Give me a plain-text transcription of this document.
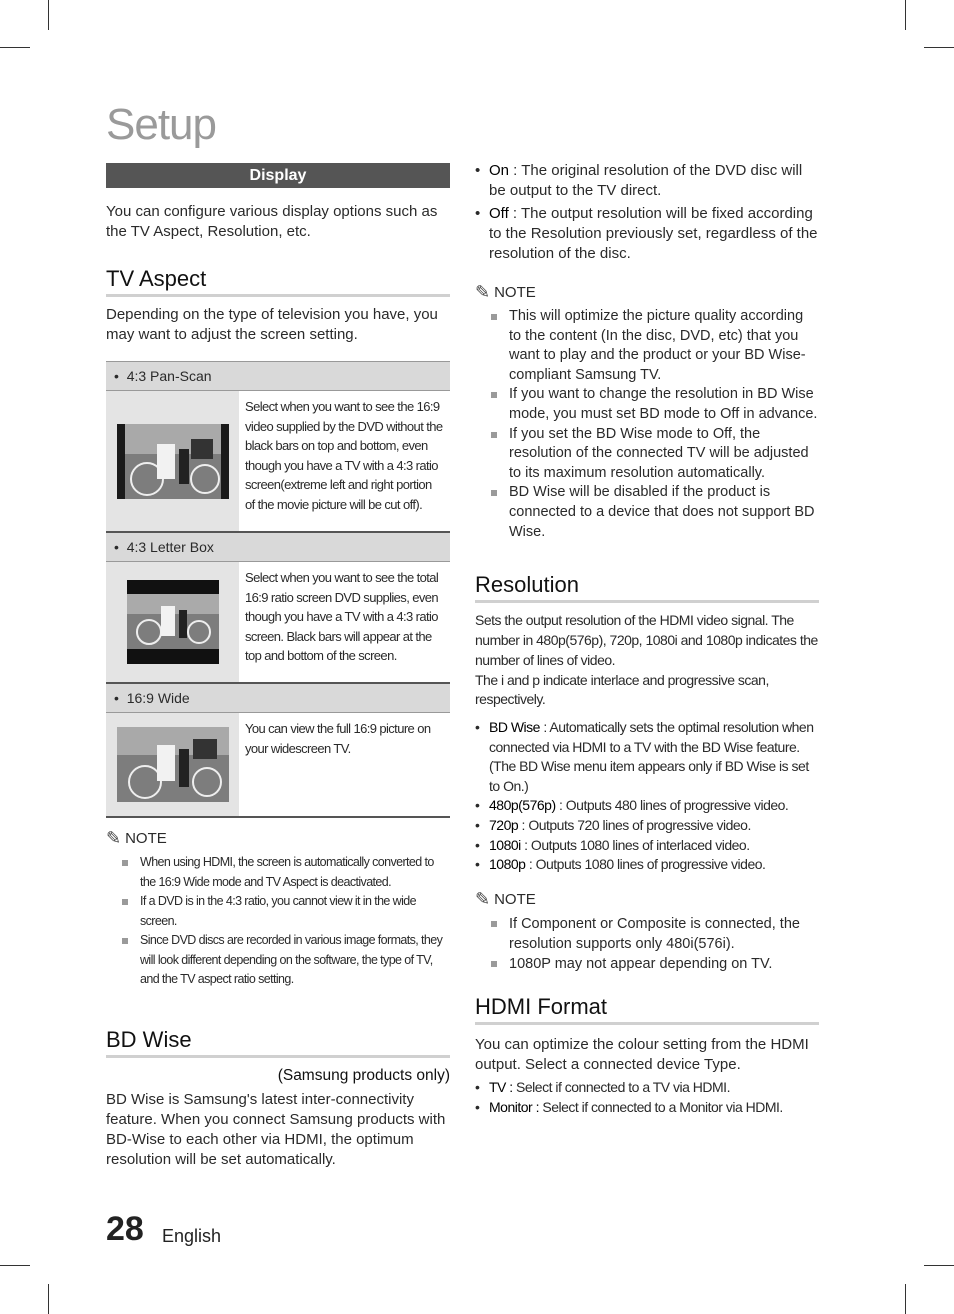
Setup
Display

You can configure various display options such as the TV Aspect, Resolution, etc.

TV Aspect

Depending on the type of television you have, you may want to adjust the screen setting.

•  4:3 Pan-Scan
Select when you want to see the 16:9 video supplied by the DVD without the black bars on top and bottom, even though you have a TV with a 4:3 ratio screen(extreme left and right portion of the movie picture will be cut off).
•  4:3 Letter Box
Select when you want to see the total 16:9 ratio screen DVD supplies, even though you have a TV with a 4:3 ratio screen. Black bars will appear at the top and bottom of the screen.
•  16:9 Wide
You can view the full 16:9 picture on your widescreen TV.
✎ NOTE
When using HDMI, the screen is automatically converted to the 16:9 Wide mode and TV Aspect is deactivated.
If a DVD is in the 4:3 ratio, you cannot view it in the wide screen.
Since DVD discs are recorded in various image formats, they will look different depending on the software, the type of TV, and the TV aspect ratio setting.
BD Wise

(Samsung products only)

BD Wise is Samsung's latest inter-connectivity feature. When you connect Samsung products with BD-Wise to each other via HDMI, the optimum resolution will be set automatically.

• On : The original resolution of the DVD disc will be output to the TV direct.
• Off : The output resolution will be fixed according to the Resolution previously set, regardless of the resolution of the disc.
✎ NOTE
This will optimize the picture quality according to the content (In the disc, DVD, etc) that you want to play and the product or your BD Wise-compliant Samsung TV.
If you want to change the resolution in BD Wise mode, you must set BD mode to Off in advance.
If you set the BD Wise mode to Off, the resolution of the connected TV will be adjusted to its maximum resolution automatically.
BD Wise will be disabled if the product is connected to a device that does not support BD Wise.
Resolution

Sets the output resolution of the HDMI video signal. The number in 480p(576p), 720p, 1080i and 1080p indicates the number of lines of video.

The i and p indicate interlace and progressive scan, respectively.

• BD Wise : Automatically sets the optimal resolution when connected via HDMI to a TV with the BD Wise feature. (The BD Wise menu item appears only if BD Wise is set to On.)
• 480p(576p) : Outputs 480 lines of progressive video.
• 720p : Outputs 720 lines of progressive video.
• 1080i : Outputs 1080 lines of interlaced video.
• 1080p : Outputs 1080 lines of progressive video.
✎ NOTE
If Component or Composite is connected, the resolution supports only 480i(576i).
1080P may not appear depending on TV.
HDMI Format

You can optimize the colour setting from the HDMI output. Select a connected device Type.

• TV : Select if connected to a TV via HDMI.
• Monitor : Select if connected to a Monitor via HDMI.
28 English
